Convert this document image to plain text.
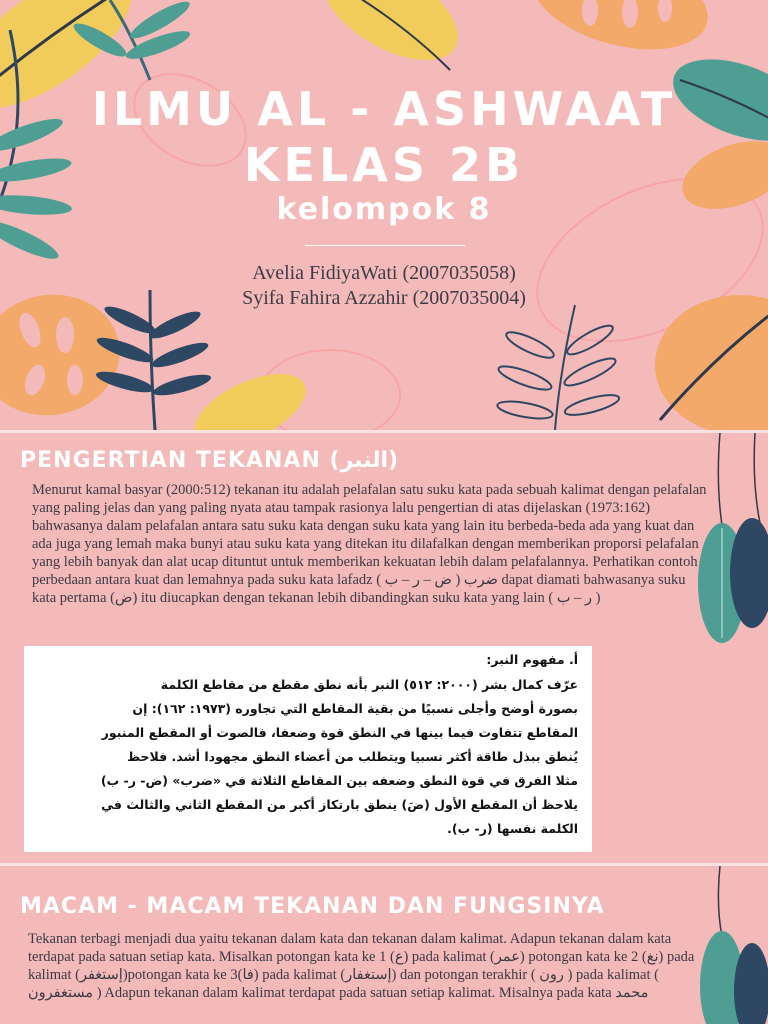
ILMU AL - ASHWAAT
KELAS 2B
kelompok 8
Avelia FidiyaWati (2007035058)
Syifa Fahira Azzahir (2007035004)
PENGERTIAN TEKANAN (النبر)
Menurut kamal basyar (2000:512) tekanan itu adalah pelafalan satu suku kata pada sebuah kalimat dengan pelafalan yang paling jelas dan yang paling nyata atau tampak rasionya lalu pengertian di atas dijelaskan (1973:162) bahwasanya dalam pelafalan antara satu suku kata dengan suku kata yang lain itu berbeda-beda ada yang kuat dan ada juga yang lemah maka bunyi atau suku kata yang ditekan itu dilafalkan dengan memberikan proporsi pelafalan yang lebih banyak dan alat ucap dituntut untuk memberikan kekuatan lebih dalam pelafalannya. Perhatikan contoh perbedaan antara kuat dan lemahnya pada suku kata lafadz ضرب ( ض – ر – ب ) dapat diamati bahwasanya suku kata pertama (ض) itu diucapkan dengan tekanan lebih dibandingkan suku kata yang lain ( ر – ب )
أ. مفهوم النبر:
عرّف كمال بشر (٢٠٠٠: ٥١٢) النبر بأنه نطق مقطع من مقاطع الكلمة
بصورة أوضح وأجلى نسبيًا من بقية المقاطع التي تجاوره (١٩٧٣: ١٦٢): إن
المقاطع تتفاوت فيما بينها في النطق قوة وضعفا، فالصوت أو المقطع المنبور
يُنطق ببذل طاقة أكثر نسبيا ويتطلب من أعضاء النطق مجهودا أشد. فلاحظ
مثلا الفرق في قوة النطق وضعفه بين المقاطع الثلاثة في «ضرب» (ض- ر- ب)
يلاحظ أن المقطع الأول (ضَ) ينطق بارتكاز أكبر من المقطع الثاني والثالث في
الكلمة نفسها (ر- ب).
MACAM - MACAM TEKANAN DAN FUNGSINYA
Tekanan terbagi menjadi dua yaitu tekanan dalam kata dan tekanan dalam kalimat. Adapun tekanan dalam kata terdapat pada satuan setiap kata. Misalkan potongan kata ke 1 (ع) pada kalimat (عمر) potongan kata ke 2 (نغ) pada kalimat (إستغفر)potongan kata ke 3(فا) pada kalimat (إستغفار) dan potongan terakhir ( رون ) pada kalimat ( مستغفرون ) Adapun tekanan dalam kalimat terdapat pada satuan setiap kalimat. Misalnya pada kata محمد
